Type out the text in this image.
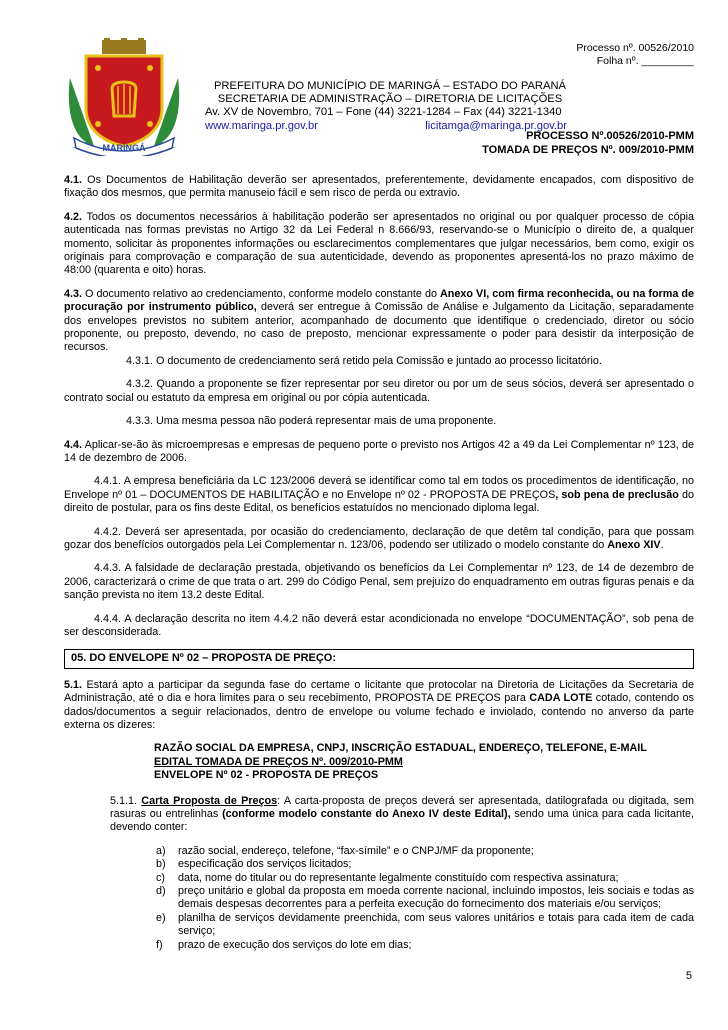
MARINGÁ
Processo nº. 00526/2010
Folha nº. _________
PREFEITURA DO MUNICÍPIO DE MARINGÁ – ESTADO DO PARANÁ
SECRETARIA DE ADMINISTRAÇÃO – DIRETORIA DE LICITAÇÕES
Av. XV de Novembro, 701 – Fone (44) 3221-1284 – Fax (44) 3221-1340
www.maringa.pr.gov.br	licitamga@maringa.pr.gov.br
PROCESSO Nº.00526/2010-PMM
TOMADA DE PREÇOS Nº. 009/2010-PMM

4.1. Os Documentos de Habilitação deverão ser apresentados, preferentemente, devidamente encapados, com dispositivo de fixação dos mesmos, que permita manuseio fácil e sem risco de perda ou extravio.

4.2. Todos os documentos necessários à habilitação poderão ser apresentados no original ou por qualquer processo de cópia autenticada nas formas previstas no Artigo 32 da Lei Federal n 8.666/93, reservando-se o Município o direito de, a qualquer momento, solicitar às proponentes informações ou esclarecimentos complementares que julgar necessários, bem como, exigir os originais para comprovação e comparação de sua autenticidade, devendo as proponentes apresentá-los no prazo máximo de 48:00 (quarenta e oito) horas.

4.3. O documento relativo ao credenciamento, conforme modelo constante do Anexo VI, com firma reconhecida, ou na forma de procuração por instrumento público, deverá ser entregue à Comissão de Análise e Julgamento da Licitação, separadamente dos envelopes previstos no subitem anterior, acompanhado de documento que identifique o credenciado, diretor ou sócio proponente, ou preposto, devendo, no caso de preposto, mencionar expressamente o poder para desistir da interposição de recursos.

4.3.1. O documento de credenciamento será retido pela Comissão e juntado ao processo licitatório.

4.3.2. Quando a proponente se fizer representar por seu diretor ou por um de seus sócios, deverá ser apresentado o contrato social ou estatuto da empresa em original ou por cópia autenticada.

4.3.3. Uma mesma pessoa não poderá representar mais de uma proponente.

4.4. Aplicar-se-ão às microempresas e empresas de pequeno porte o previsto nos Artigos 42 a 49 da Lei Complementar nº 123, de 14 de dezembro de 2006.

4.4.1. A empresa beneficiária da LC 123/2006 deverá se identificar como tal em todos os procedimentos de identificação, no Envelope nº 01 – DOCUMENTOS DE HABILITAÇÃO e no Envelope nº 02 - PROPOSTA DE PREÇOS, sob pena de preclusão do direito de postular, para os fins deste Edital, os benefícios estatuídos no mencionado diploma legal.

4.4.2. Deverá ser apresentada, por ocasião do credenciamento, declaração de que detêm tal condição, para que possam gozar dos benefícios outorgados pela Lei Complementar n. 123/06, podendo ser utilizado o modelo constante do Anexo XIV.

4.4.3. A falsidade de declaração prestada, objetivando os benefícios da Lei Complementar nº 123, de 14 de dezembro de 2006, caracterizará o crime de que trata o art. 299 do Código Penal, sem prejuízo do enquadramento em outras figuras penais e da sanção prevista no item 13.2 deste Edital.

4.4.4. A declaração descrita no item 4.4.2 não deverá estar acondicionada no envelope “DOCUMENTAÇÃO”, sob pena de ser desconsiderada.

05. DO ENVELOPE Nº 02 – PROPOSTA DE PREÇO:

5.1. Estará apto a participar da segunda fase do certame o licitante que protocolar na Diretoria de Licitações da Secretaria de Administração, até o dia e hora limites para o seu recebimento, PROPOSTA DE PREÇOS para CADA LOTE cotado, contendo os dados/documentos a seguir relacionados, dentro de envelope ou volume fechado e inviolado, contendo no anverso da parte externa os dizeres:

RAZÃO SOCIAL DA EMPRESA, CNPJ, INSCRIÇÃO ESTADUAL, ENDEREÇO, TELEFONE, E-MAIL
EDITAL TOMADA DE PREÇOS Nº. 009/2010-PMM
ENVELOPE Nº 02 - PROPOSTA DE PREÇOS

5.1.1. Carta Proposta de Preços: A carta-proposta de preços deverá ser apresentada, datilografada ou digitada, sem rasuras ou entrelinhas (conforme modelo constante do Anexo IV deste Edital), sendo uma única para cada licitante, devendo conter:

a)	razão social, endereço, telefone, “fax-símile” e o CNPJ/MF da proponente;
b)	especificação dos serviços licitados;
c)	data, nome do titular ou do representante legalmente constituído com respectiva assinatura;
d)	preço unitário e global da proposta em moeda corrente nacional, incluindo impostos, leis sociais e todas as demais despesas decorrentes para a perfeita execução do fornecimento dos materiais e/ou serviços;
e)	planilha de serviços devidamente preenchida, com seus valores unitários e totais para cada item de cada serviço;
f)	prazo de execução dos serviços do lote em dias;
5
